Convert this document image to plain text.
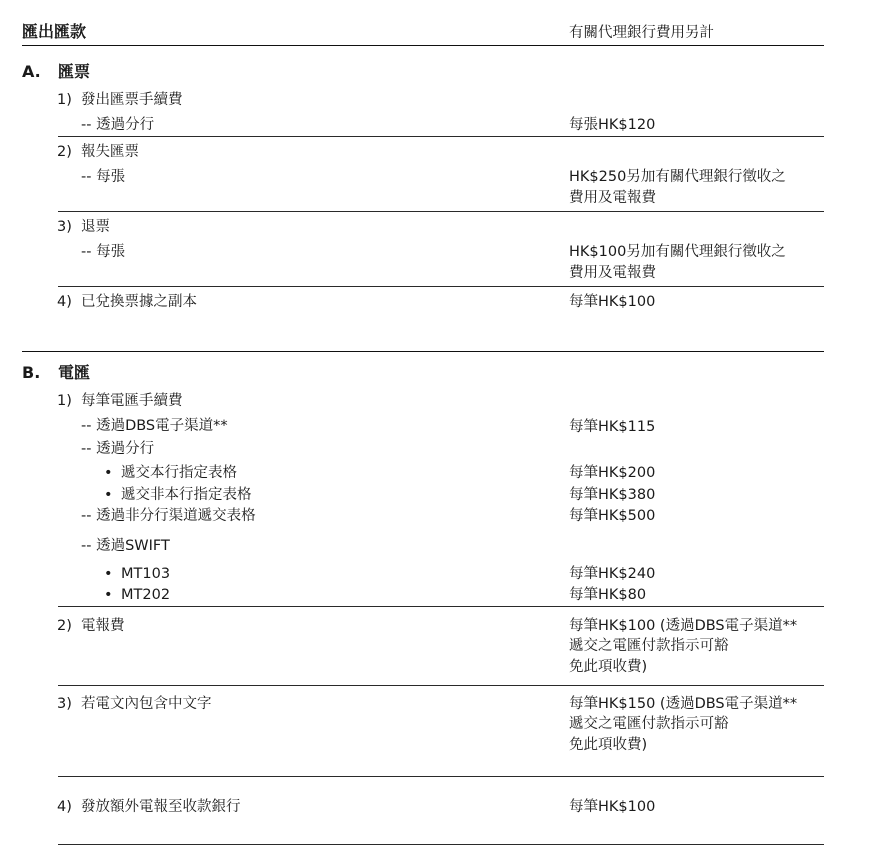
匯出匯款	有關代理銀行費用另計
A. 匯票
1) 發出匯票手續費
-- 透過分行	每張HK$120
2) 報失匯票
-- 每張	HK$250另加有關代理銀行徵收之
費用及電報費
3) 退票
-- 每張	HK$100另加有關代理銀行徵收之
費用及電報費
4) 已兌換票據之副本	每筆HK$100
B. 電匯
1) 每筆電匯手續費
-- 透過DBS電子渠道**	每筆HK$115
-- 透過分行
• 遞交本行指定表格	每筆HK$200
• 遞交非本行指定表格	每筆HK$380
-- 透過非分行渠道遞交表格	每筆HK$500
-- 透過SWIFT
• MT103	每筆HK$240
• MT202	每筆HK$80
2) 電報費	每筆HK$100 (透過DBS電子渠道**
遞交之電匯付款指示可豁
免此項收費)
3) 若電文內包含中文字	每筆HK$150 (透過DBS電子渠道**
遞交之電匯付款指示可豁
免此項收費)
4) 發放額外電報至收款銀行	每筆HK$100
